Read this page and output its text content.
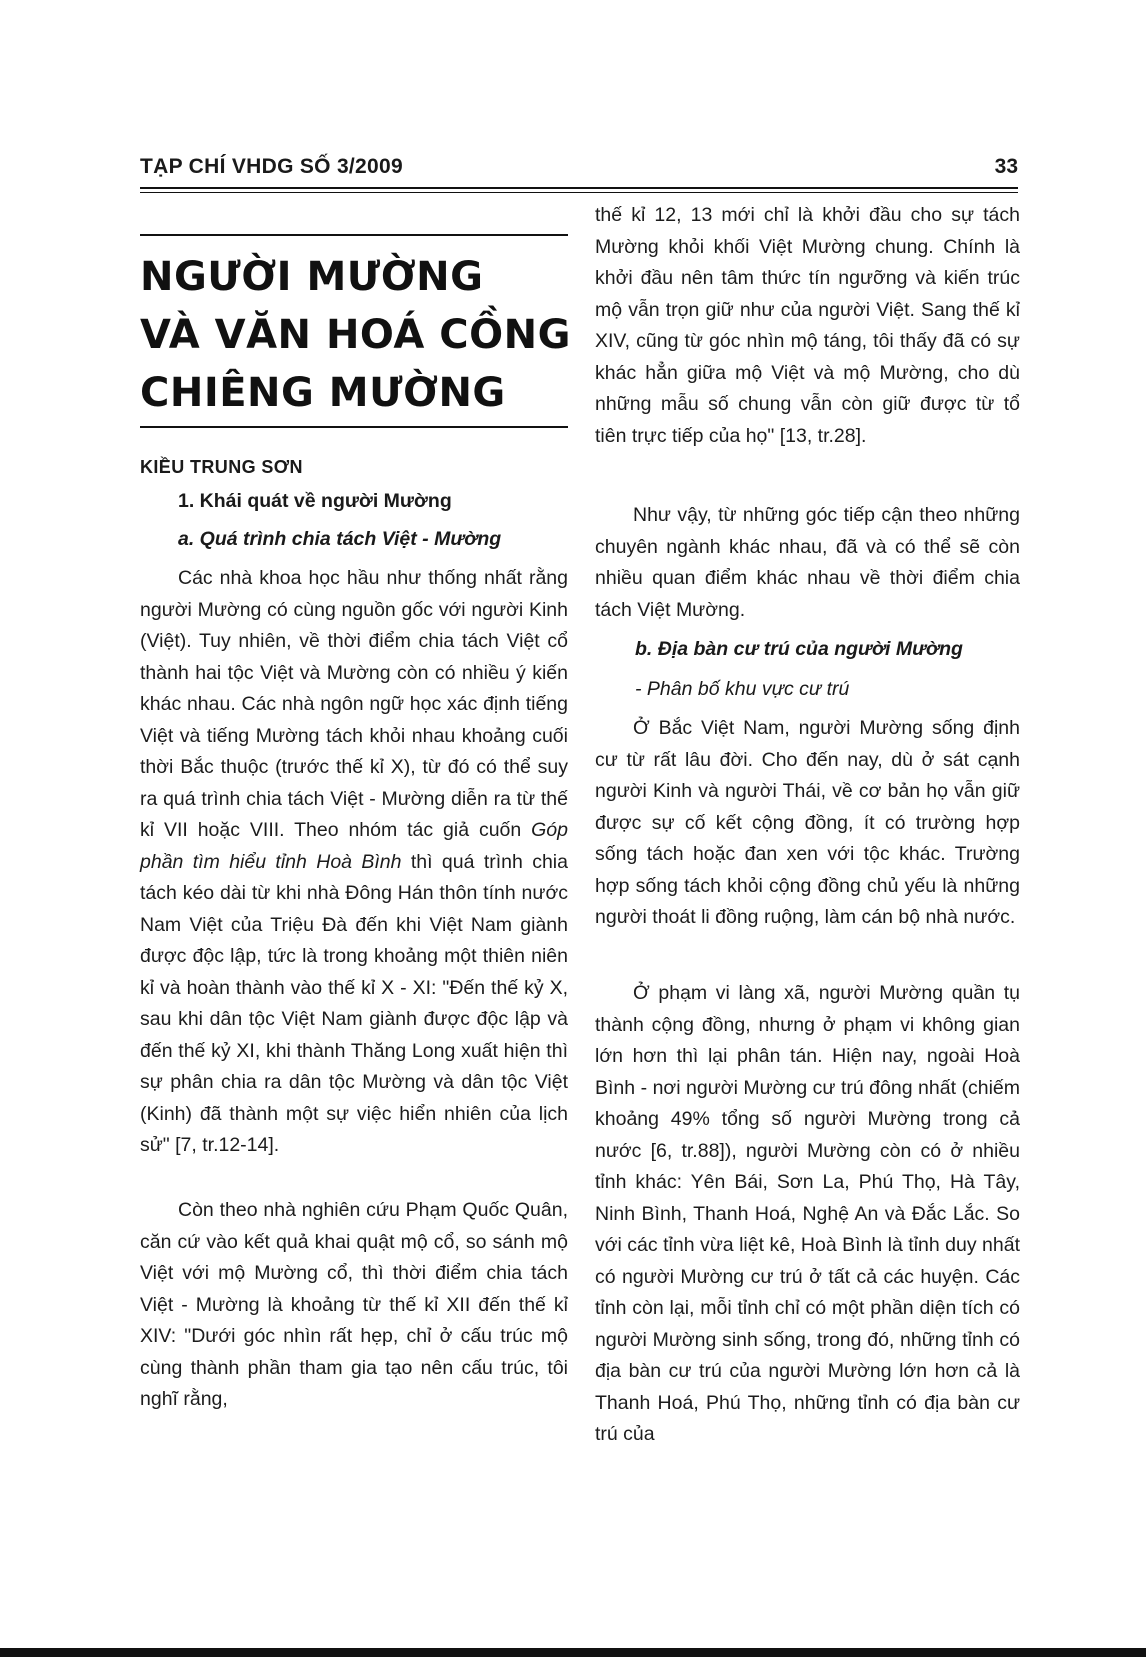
TẠP CHÍ VHDG SỐ 3/2009	33
NGƯỜI MƯỜNG
VÀ VĂN HOÁ CỒNG
CHIÊNG MƯỜNG
KIỀU TRUNG SƠN
1. Khái quát về người Mường
a. Quá trình chia tách Việt - Mường
Các nhà khoa học hầu như thống nhất rằng người Mường có cùng nguồn gốc với người Kinh (Việt). Tuy nhiên, về thời điểm chia tách Việt cổ thành hai tộc Việt và Mường còn có nhiều ý kiến khác nhau. Các nhà ngôn ngữ học xác định tiếng Việt và tiếng Mường tách khỏi nhau khoảng cuối thời Bắc thuộc (trước thế kỉ X), từ đó có thể suy ra quá trình chia tách Việt - Mường diễn ra từ thế kỉ VII hoặc VIII. Theo nhóm tác giả cuốn Góp phần tìm hiểu tỉnh Hoà Bình thì quá trình chia tách kéo dài từ khi nhà Đông Hán thôn tính nước Nam Việt của Triệu Đà đến khi Việt Nam giành được độc lập, tức là trong khoảng một thiên niên kỉ và hoàn thành vào thế kỉ X - XI: "Đến thế kỷ X, sau khi dân tộc Việt Nam giành được độc lập và đến thế kỷ XI, khi thành Thăng Long xuất hiện thì sự phân chia ra dân tộc Mường và dân tộc Việt (Kinh) đã thành một sự việc hiển nhiên của lịch sử" [7, tr.12-14].
Còn theo nhà nghiên cứu Phạm Quốc Quân, căn cứ vào kết quả khai quật mộ cổ, so sánh mộ Việt với mộ Mường cổ, thì thời điểm chia tách Việt - Mường là khoảng từ thế kỉ XII đến thế kỉ XIV: "Dưới góc nhìn rất hẹp, chỉ ở cấu trúc mộ cùng thành phần tham gia tạo nên cấu trúc, tôi nghĩ rằng,
thế kỉ 12, 13 mới chỉ là khởi đầu cho sự tách Mường khỏi khối Việt Mường chung. Chính là khởi đầu nên tâm thức tín ngưỡng và kiến trúc mộ vẫn trọn giữ như của người Việt. Sang thế kỉ XIV, cũng từ góc nhìn mộ táng, tôi thấy đã có sự khác hẳn giữa mộ Việt và mộ Mường, cho dù những mẫu số chung vẫn còn giữ được từ tổ tiên trực tiếp của họ" [13, tr.28].
Như vậy, từ những góc tiếp cận theo những chuyên ngành khác nhau, đã và có thể sẽ còn nhiều quan điểm khác nhau về thời điểm chia tách Việt Mường.
b. Địa bàn cư trú của người Mường
- Phân bố khu vực cư trú
Ở Bắc Việt Nam, người Mường sống định cư từ rất lâu đời. Cho đến nay, dù ở sát cạnh người Kinh và người Thái, về cơ bản họ vẫn giữ được sự cố kết cộng đồng, ít có trường hợp sống tách hoặc đan xen với tộc khác. Trường hợp sống tách khỏi cộng đồng chủ yếu là những người thoát li đồng ruộng, làm cán bộ nhà nước.
Ở phạm vi làng xã, người Mường quần tụ thành cộng đồng, nhưng ở phạm vi không gian lớn hơn thì lại phân tán. Hiện nay, ngoài Hoà Bình - nơi người Mường cư trú đông nhất (chiếm khoảng 49% tổng số người Mường trong cả nước [6, tr.88]), người Mường còn có ở nhiều tỉnh khác: Yên Bái, Sơn La, Phú Thọ, Hà Tây, Ninh Bình, Thanh Hoá, Nghệ An và Đắc Lắc. So với các tỉnh vừa liệt kê, Hoà Bình là tỉnh duy nhất có người Mường cư trú ở tất cả các huyện. Các tỉnh còn lại, mỗi tỉnh chỉ có một phần diện tích có người Mường sinh sống, trong đó, những tỉnh có địa bàn cư trú của người Mường lớn hơn cả là Thanh Hoá, Phú Thọ, những tỉnh có địa bàn cư trú của
